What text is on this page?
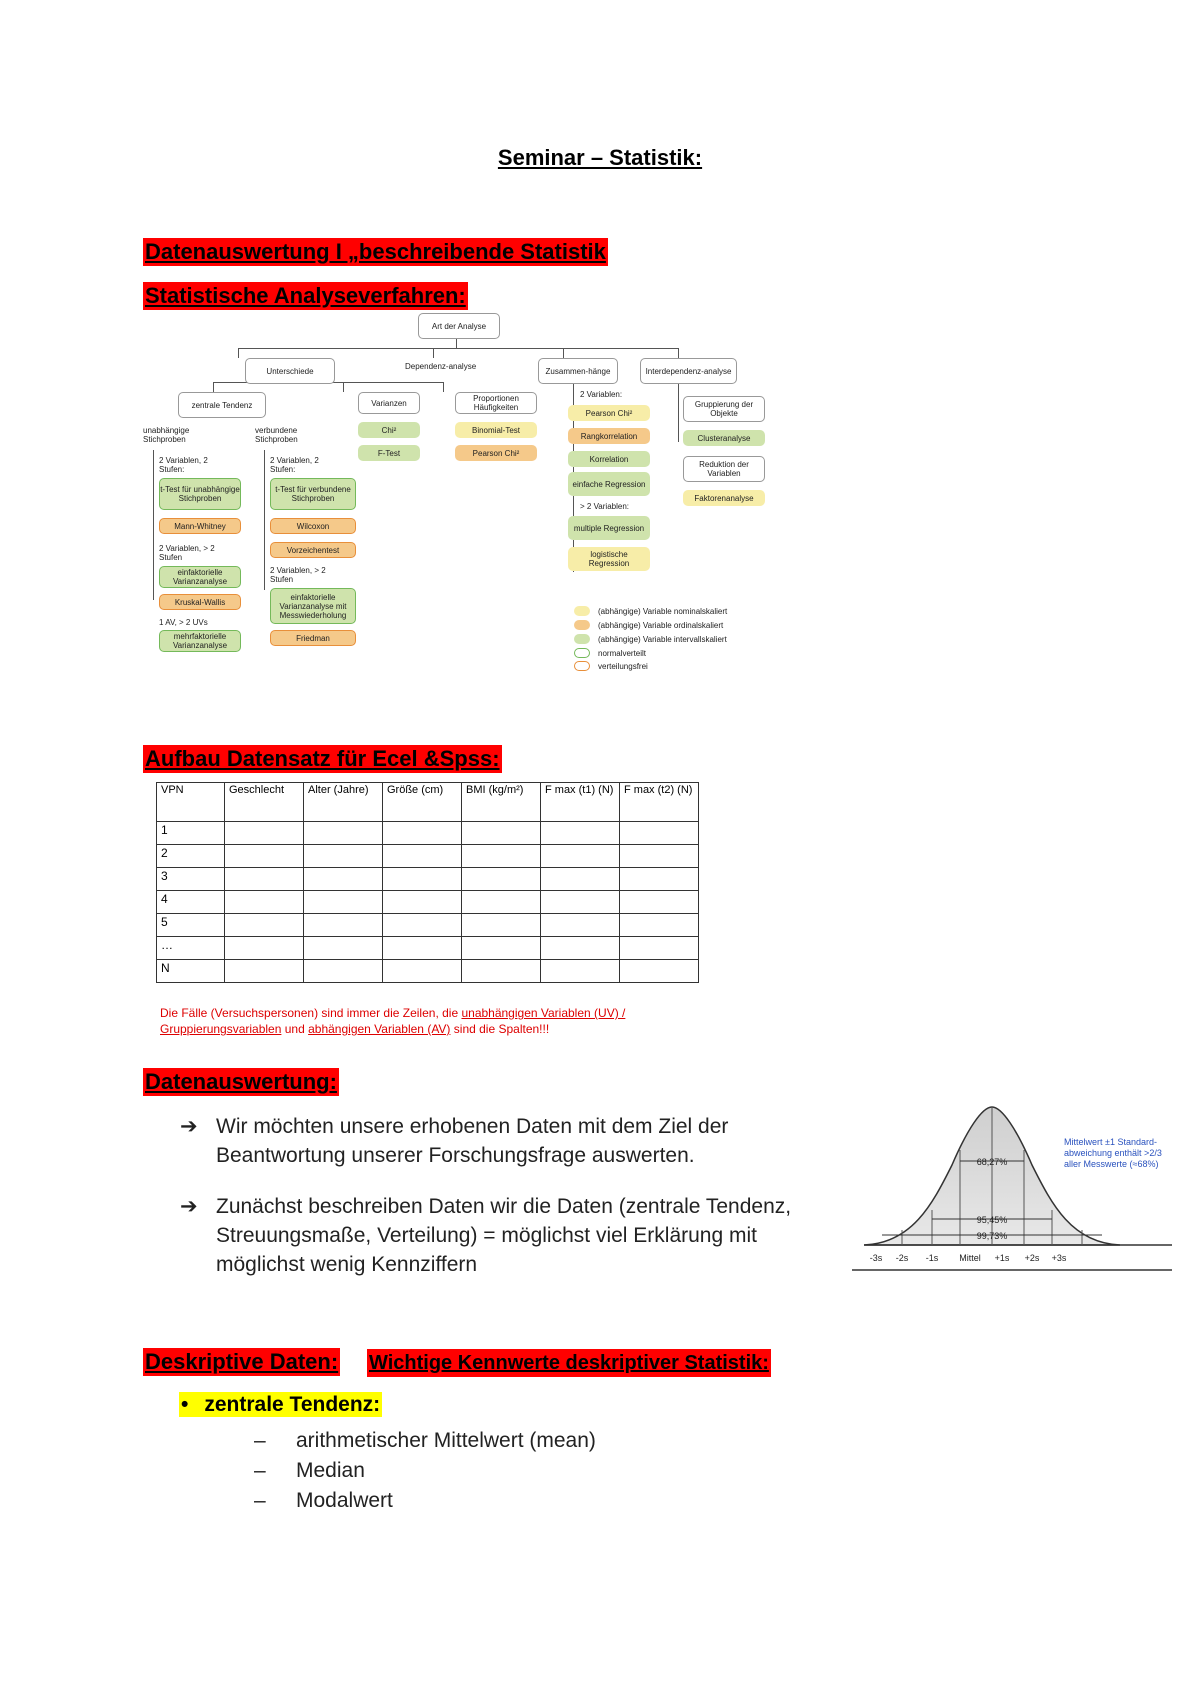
Seminar – Statistik:
Datenauswertung I „beschreibende Statistik
Statistische Analyseverfahren:
Art der Analyse
Unterschiede	Dependenz-analyse	Zusammen-hänge	Interdependenz-analyse
zentrale Tendenz	Varianzen	Proportionen Häufigkeiten
unabhängige Stichproben
verbundene Stichproben
2 Variablen, 2 Stufen:
t-Test für unabhängige Stichproben
Mann-Whitney
2 Variablen, > 2 Stufen
einfaktorielle Varianzanalyse
Kruskal-Wallis
1 AV, > 2 UVs
mehrfaktorielle Varianzanalyse
2 Variablen, 2 Stufen:
t-Test für verbundene Stichproben
Wilcoxon
Vorzeichentest
2 Variablen, > 2 Stufen
einfaktorielle Varianzanalyse mit Messwiederholung
Friedman
Chi²
F-Test
Binomial-Test
Pearson Chi²
2 Variablen:
Pearson Chi²
Rangkorrelation
Korrelation
einfache Regression
> 2 Variablen:
multiple Regression
logistische Regression
Gruppierung der Objekte
Clusteranalyse
Reduktion der Variablen
Faktorenanalyse
(abhängige) Variable nominalskaliert
(abhängige) Variable ordinalskaliert
(abhängige) Variable intervallskaliert
normalverteilt
verteilungsfrei
Aufbau Datensatz für Ecel &Spss:
VPN	Geschlecht	Alter (Jahre)	Größe (cm)	BMI (kg/m²)	F max (t1) (N)	F max (t2) (N)
1						
2						
3						
4						
5						
…						
N						
Die Fälle (Versuchspersonen) sind immer die Zeilen, die unabhängigen Variablen (UV) / Gruppierungsvariablen und abhängigen Variablen (AV) sind die Spalten!!!
Datenauswertung:
➔ Wir möchten unsere erhobenen Daten mit dem Ziel der Beantwortung unserer Forschungsfrage auswerten.
➔ Zunächst beschreiben Daten wir die Daten (zentrale Tendenz, Streuungsmaße, Verteilung) = möglichst viel Erklärung mit möglichst wenig Kennziffern
68,27%
95,45%
99,73%
-3s -2s -1s Mittel +1s +2s +3s
Mittelwert ±1 Standard-abweichung enthält >2/3 aller Messwerte (≈68%)
Deskriptive Daten: Wichtige Kennwerte deskriptiver Statistik:
• zentrale Tendenz:
– arithmetischer Mittelwert (mean)
– Median
– Modalwert
